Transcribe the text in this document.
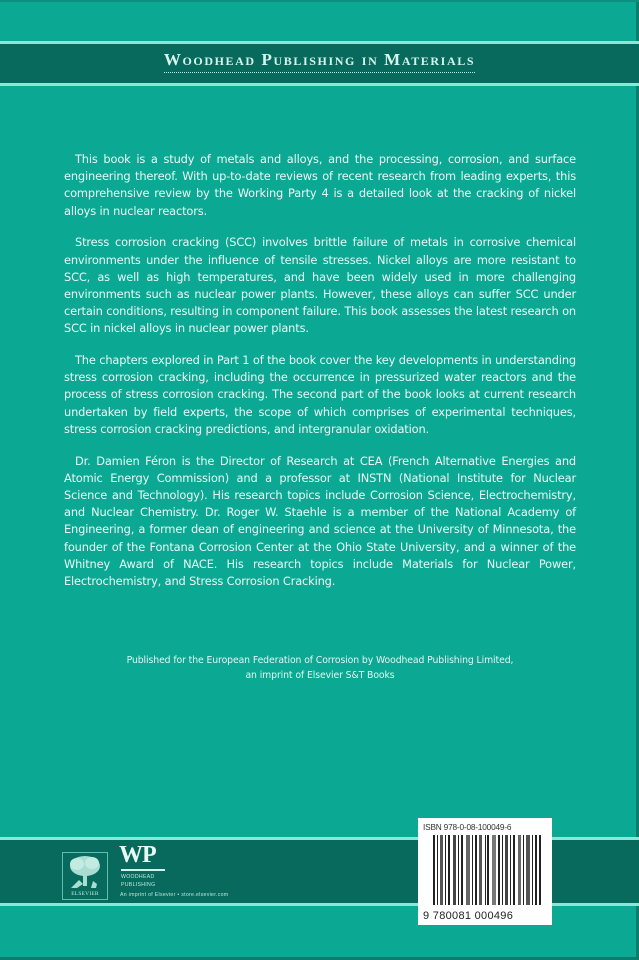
Woodhead Publishing in Materials

This book is a study of metals and alloys, and the processing, corrosion, and surface engineering thereof. With up-to-date reviews of recent research from leading experts, this comprehensive review by the Working Party 4 is a detailed look at the cracking of nickel alloys in nuclear reactors.

Stress corrosion cracking (SCC) involves brittle failure of metals in corrosive chemical environments under the influence of tensile stresses. Nickel alloys are more resistant to SCC, as well as high temperatures, and have been widely used in more challenging environments such as nuclear power plants. However, these alloys can suffer SCC under certain conditions, resulting in component failure. This book assesses the latest research on SCC in nickel alloys in nuclear power plants.

The chapters explored in Part 1 of the book cover the key developments in understanding stress corrosion cracking, including the occurrence in pressurized water reactors and the process of stress corrosion cracking. The second part of the book looks at current research undertaken by field experts, the scope of which comprises of experimental techniques, stress corrosion cracking predictions, and intergranular oxidation.

Dr. Damien Féron is the Director of Research at CEA (French Alternative Energies and Atomic Energy Commission) and a professor at INSTN (National Institute for Nuclear Science and Technology). His research topics include Corrosion Science, Electrochemistry, and Nuclear Chemistry. Dr. Roger W. Staehle is a member of the National Academy of Engineering, a former dean of engineering and science at the University of Minnesota, the founder of the Fontana Corrosion Center at the Ohio State University, and a winner of the Whitney Award of NACE. His research topics include Materials for Nuclear Power, Electrochemistry, and Stress Corrosion Cracking.

Published for the European Federation of Corrosion by Woodhead Publishing Limited,
an imprint of Elsevier S&T Books
ELSEVIER
WP
WOODHEAD
PUBLISHING
An imprint of Elsevier • store.elsevier.com
ISBN 978-0-08-100049-6
9 780081 000496
